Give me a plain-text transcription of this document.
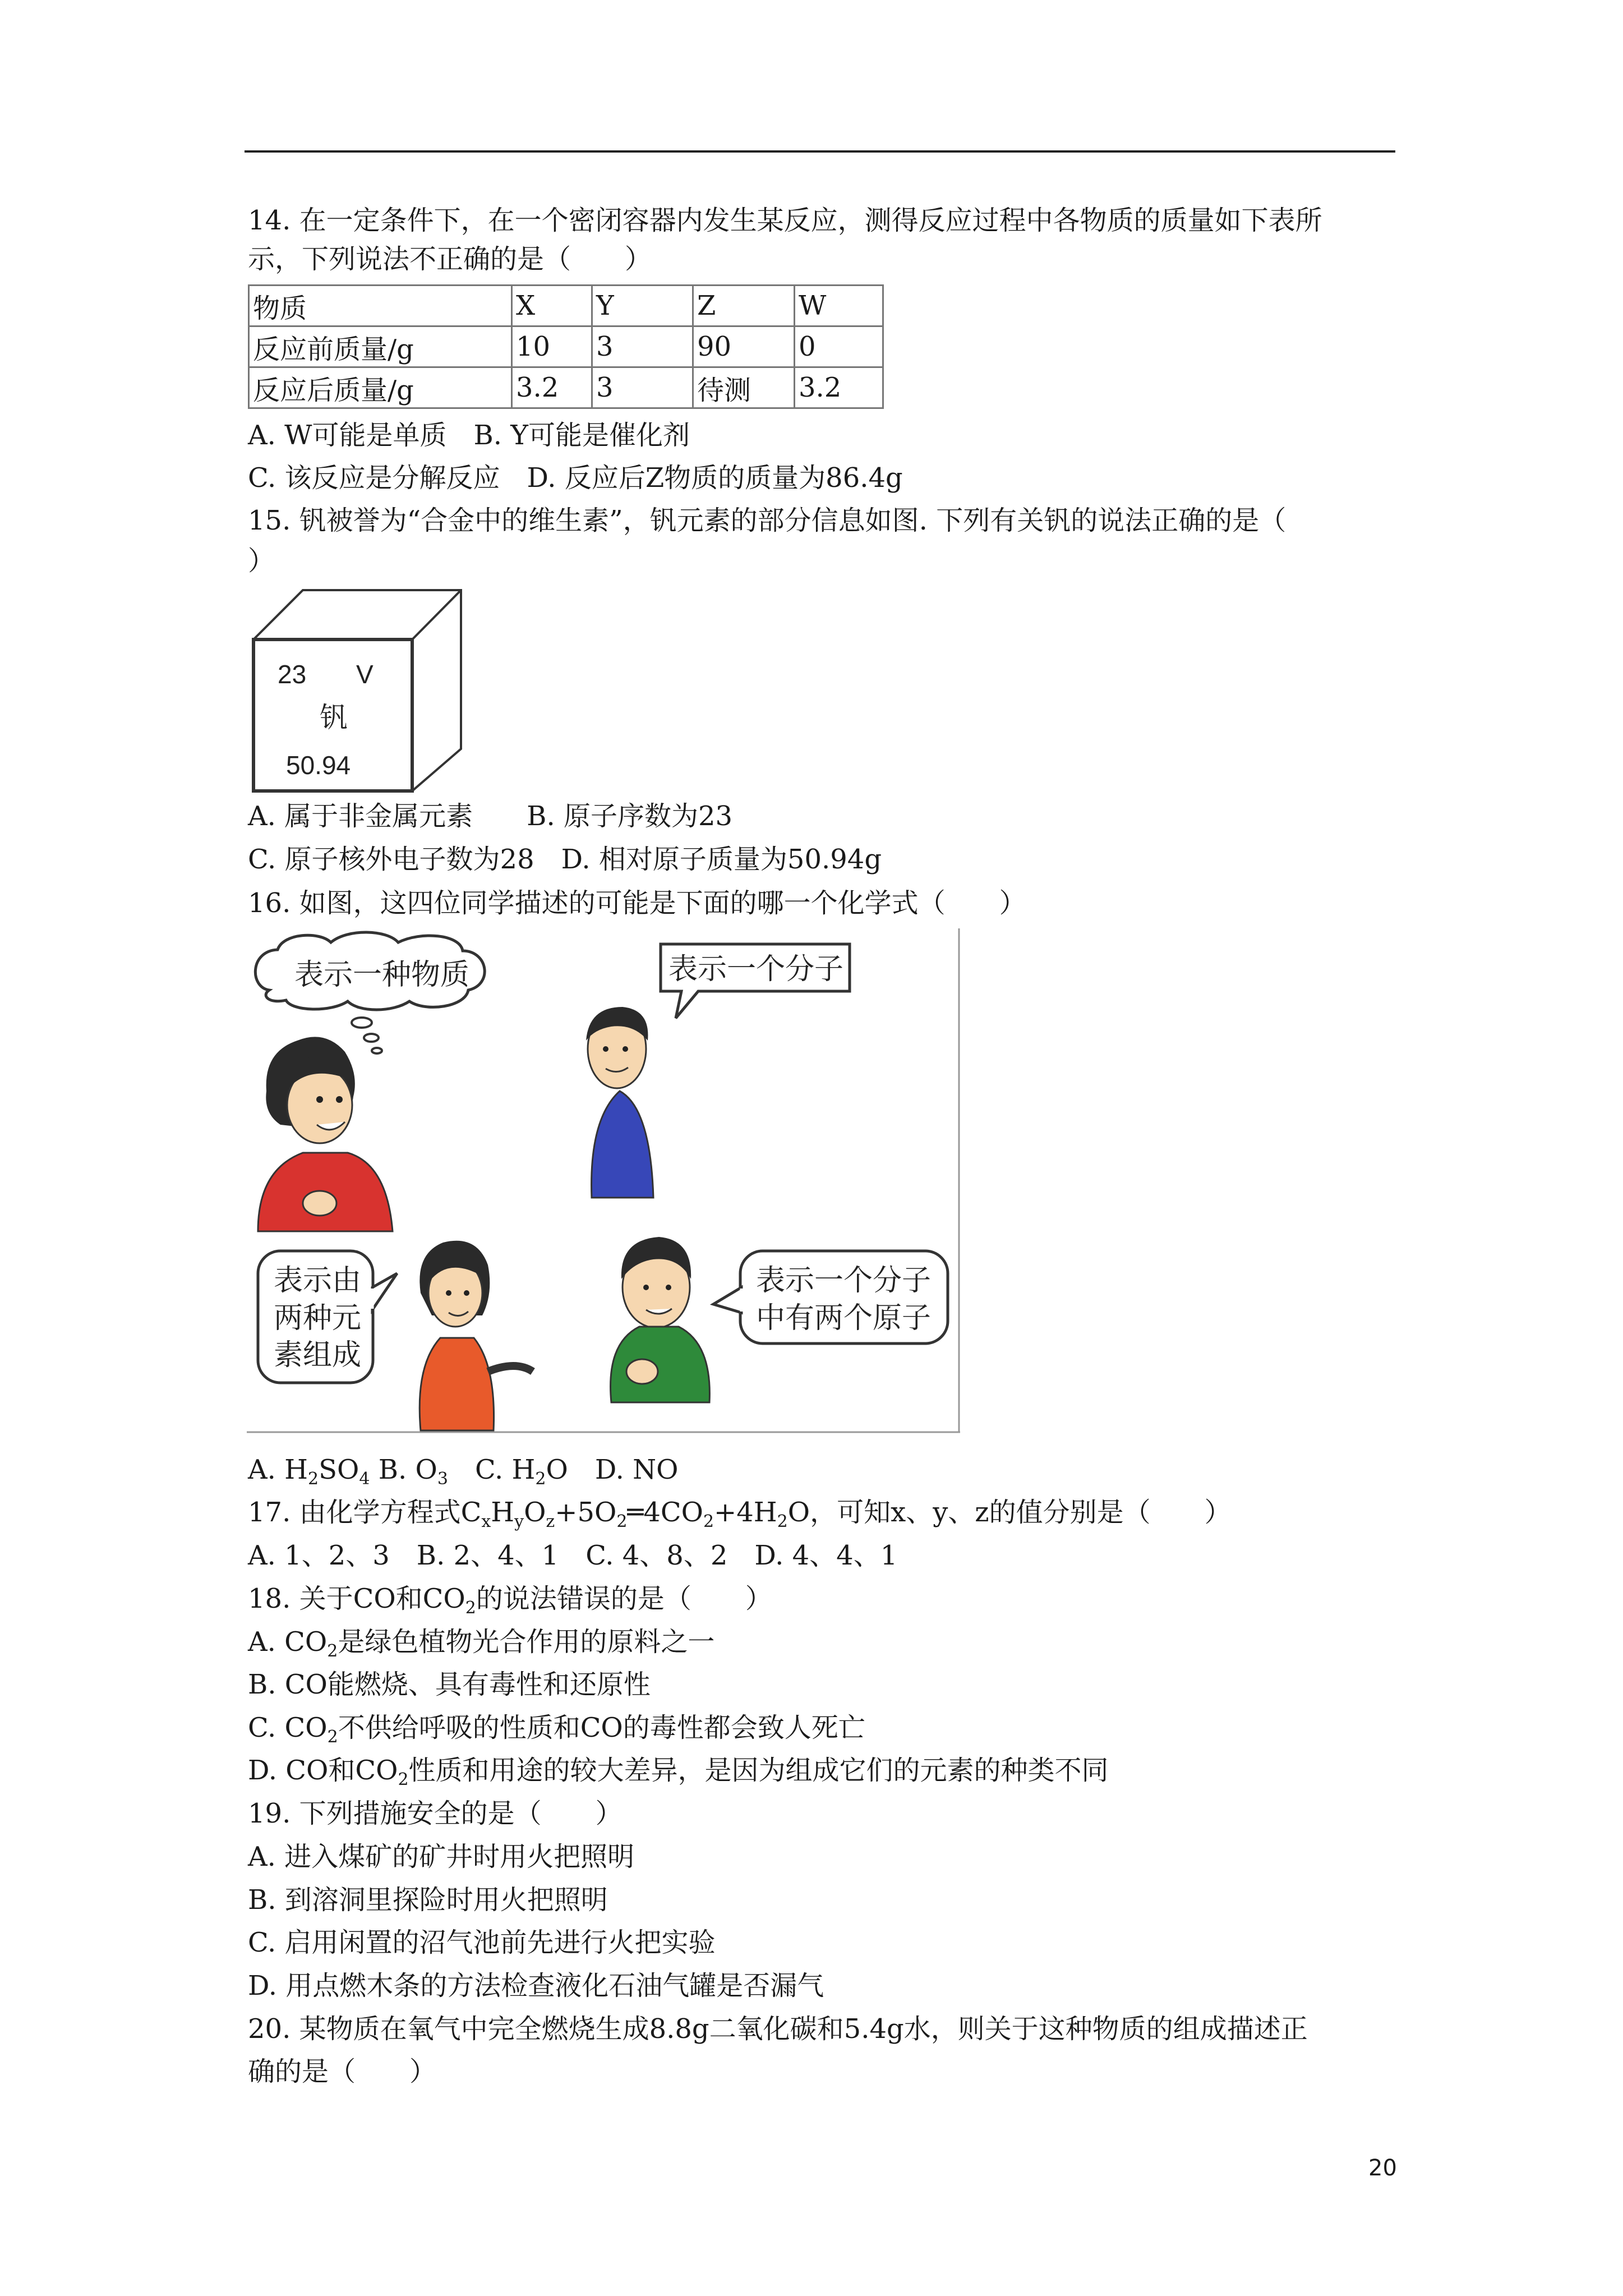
14. 在一定条件下，在一个密闭容器内发生某反应，测得反应过程中各物质的质量如下表所
示，下列说法不正确的是（　　）
物质	X	Y	Z	W
反应前质量/g	10	3	90	0
反应后质量/g	3.2	3	待测	3.2
A. W可能是单质　B. Y可能是催化剂
C. 该反应是分解反应　D. 反应后Z物质的质量为86.4g
15. 钒被誉为“合金中的维生素”，钒元素的部分信息如图. 下列有关钒的说法正确的是（
）
23 V
钒
50.94
A. 属于非金属元素　　B. 原子序数为23
C. 原子核外电子数为28　D. 相对原子质量为50.94g
16. 如图，这四位同学描述的可能是下面的哪一个化学式（　　）
表示一种物质	表示一个分子
表示由
两种元
素组成
表示一个分子
中有两个原子
A. $H_2SO_4$ B. $O_3$　C. $H_2O$　D. NO
17. 由化学方程式$C_xH_yO_z+5O_2═4CO_2+4H_2O$，可知x、y、z的值分别是（　　）
A. 1、2、3　B. 2、4、1　C. 4、8、2　D. 4、4、1
18. 关于CO和$CO_2$的说法错误的是（　　）
A. $CO_2$是绿色植物光合作用的原料之一
B. CO能燃烧、具有毒性和还原性
C. $CO_2$不供给呼吸的性质和CO的毒性都会致人死亡
D. CO和$CO_2$性质和用途的较大差异，是因为组成它们的元素的种类不同
19. 下列措施安全的是（　　）
A. 进入煤矿的矿井时用火把照明
B. 到溶洞里探险时用火把照明
C. 启用闲置的沼气池前先进行火把实验
D. 用点燃木条的方法检查液化石油气罐是否漏气
20. 某物质在氧气中完全燃烧生成8.8g二氧化碳和5.4g水，则关于这种物质的组成描述正
确的是（　　）
20
